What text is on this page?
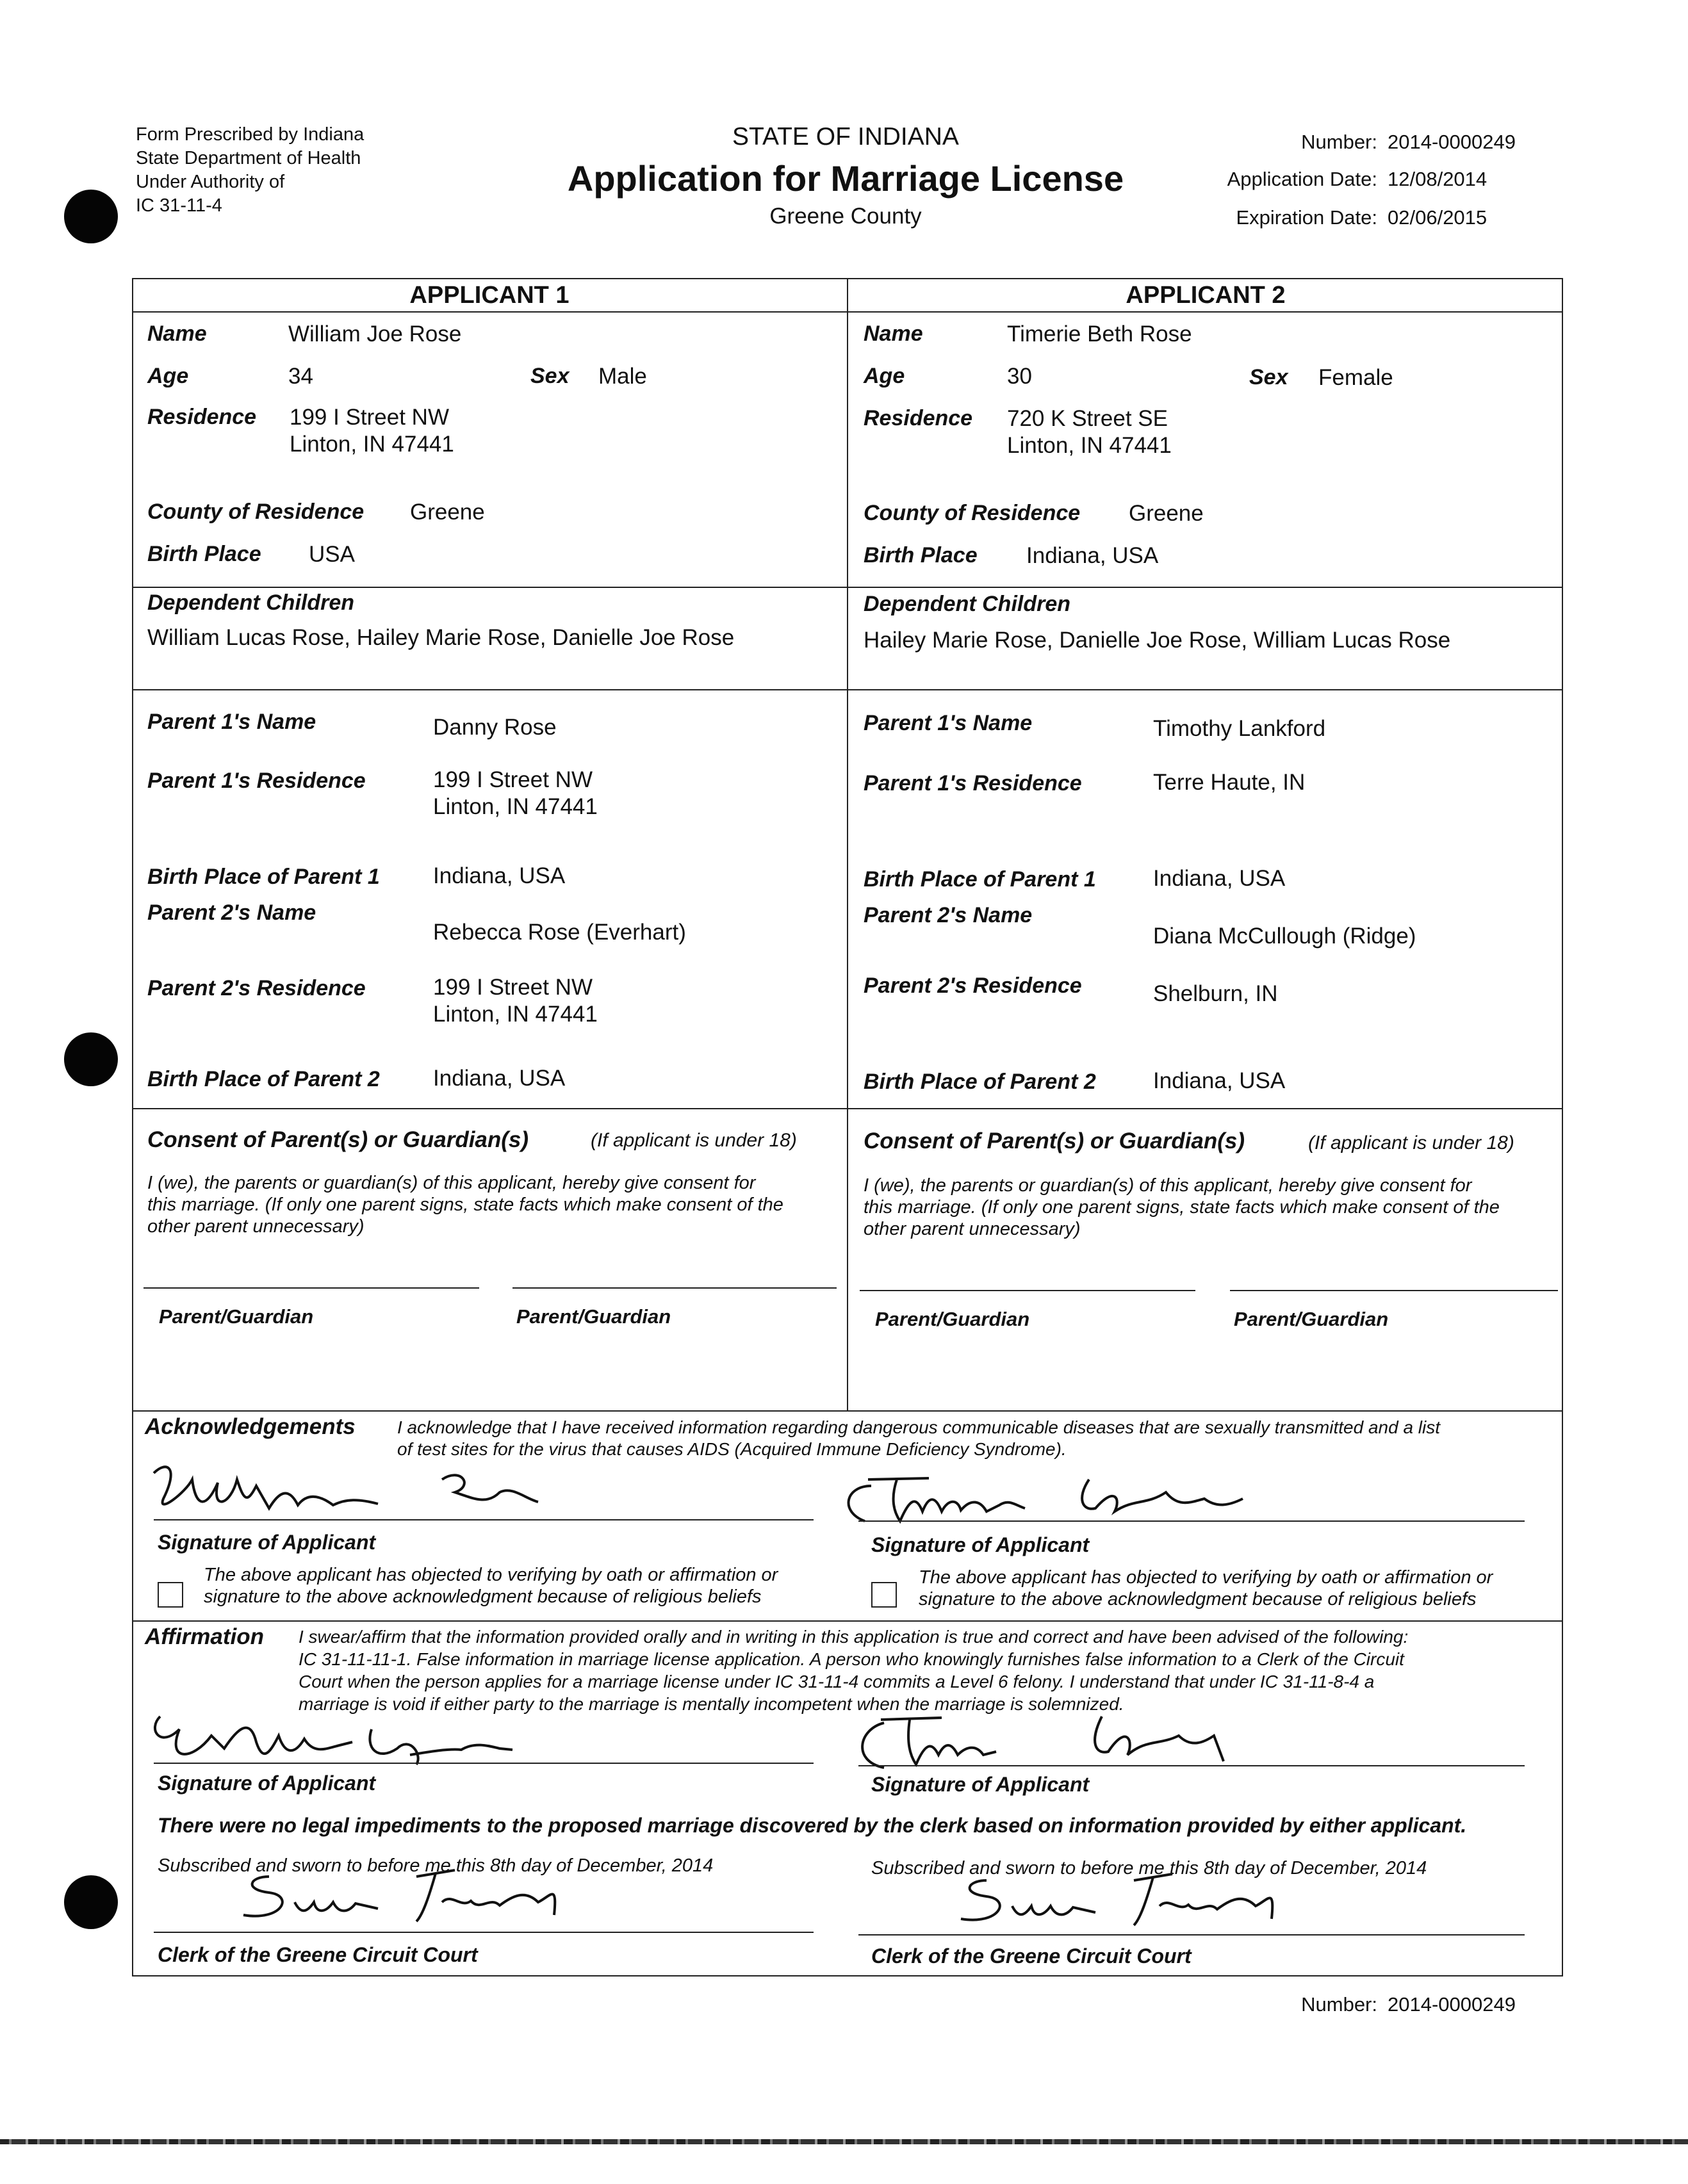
Form Prescribed by Indiana
State Department of Health
Under Authority of
IC 31-11-4
STATE OF INDIANA
Application for Marriage License
Greene County
Number: 2014-0000249
Application Date: 12/08/2014
Expiration Date: 02/06/2015
APPLICANT 1	APPLICANT 2
Name	William Joe Rose
Age	34	Sex Male
Residence 199 I Street NW
Linton, IN 47441
County of Residence Greene
Birth Place USA
Dependent Children
William Lucas Rose, Hailey Marie Rose, Danielle Joe Rose
Parent 1's Name	Danny Rose
Parent 1's Residence	199 I Street NW
Linton, IN 47441
Birth Place of Parent 1 Indiana, USA
Parent 2's Name
Rebecca Rose (Everhart)
Parent 2's Residence	199 I Street NW
Linton, IN 47441
Birth Place of Parent 2 Indiana, USA
Name	Timerie Beth Rose
Age	30	Sex Female
Residence 720 K Street SE
Linton, IN 47441
County of Residence Greene
Birth Place Indiana, USA
Dependent Children
Hailey Marie Rose, Danielle Joe Rose, William Lucas Rose
Parent 1's Name	Timothy Lankford
Parent 1's Residence	Terre Haute, IN
Birth Place of Parent 1	Indiana, USA
Parent 2's Name
Diana McCullough (Ridge)
Parent 2's Residence	Shelburn, IN
Birth Place of Parent 2	Indiana, USA
Consent of Parent(s) or Guardian(s)	(If applicant is under 18)
I (we), the parents or guardian(s) of this applicant, hereby give consent for
this marriage. (If only one parent signs, state facts which make consent of the
other parent unnecessary)
Parent/Guardian	Parent/Guardian
Consent of Parent(s) or Guardian(s)	(If applicant is under 18)
I (we), the parents or guardian(s) of this applicant, hereby give consent for
this marriage. (If only one parent signs, state facts which make consent of the
other parent unnecessary)
Parent/Guardian	Parent/Guardian
Acknowledgements I acknowledge that I have received information regarding dangerous communicable diseases that are sexually transmitted and a list
of test sites for the virus that causes AIDS (Acquired Immune Deficiency Syndrome).
Signature of Applicant
The above applicant has objected to verifying by oath or affirmation or
signature to the above acknowledgment because of religious beliefs
Signature of Applicant
The above applicant has objected to verifying by oath or affirmation or
signature to the above acknowledgment because of religious beliefs
Affirmation I swear/affirm that the information provided orally and in writing in this application is true and correct and have been advised of the following:
IC 31-11-11-1. False information in marriage license application. A person who knowingly furnishes false information to a Clerk of the Circuit
Court when the person applies for a marriage license under IC 31-11-4 commits a Level 6 felony. I understand that under IC 31-11-8-4 a
marriage is void if either party to the marriage is mentally incompetent when the marriage is solemnized.
Signature of Applicant	Signature of Applicant
There were no legal impediments to the proposed marriage discovered by the clerk based on information provided by either applicant.
Subscribed and sworn to before me this 8th day of December, 2014
Clerk of the Greene Circuit Court
Subscribed and sworn to before me this 8th day of December, 2014
Clerk of the Greene Circuit Court
Number: 2014-0000249
